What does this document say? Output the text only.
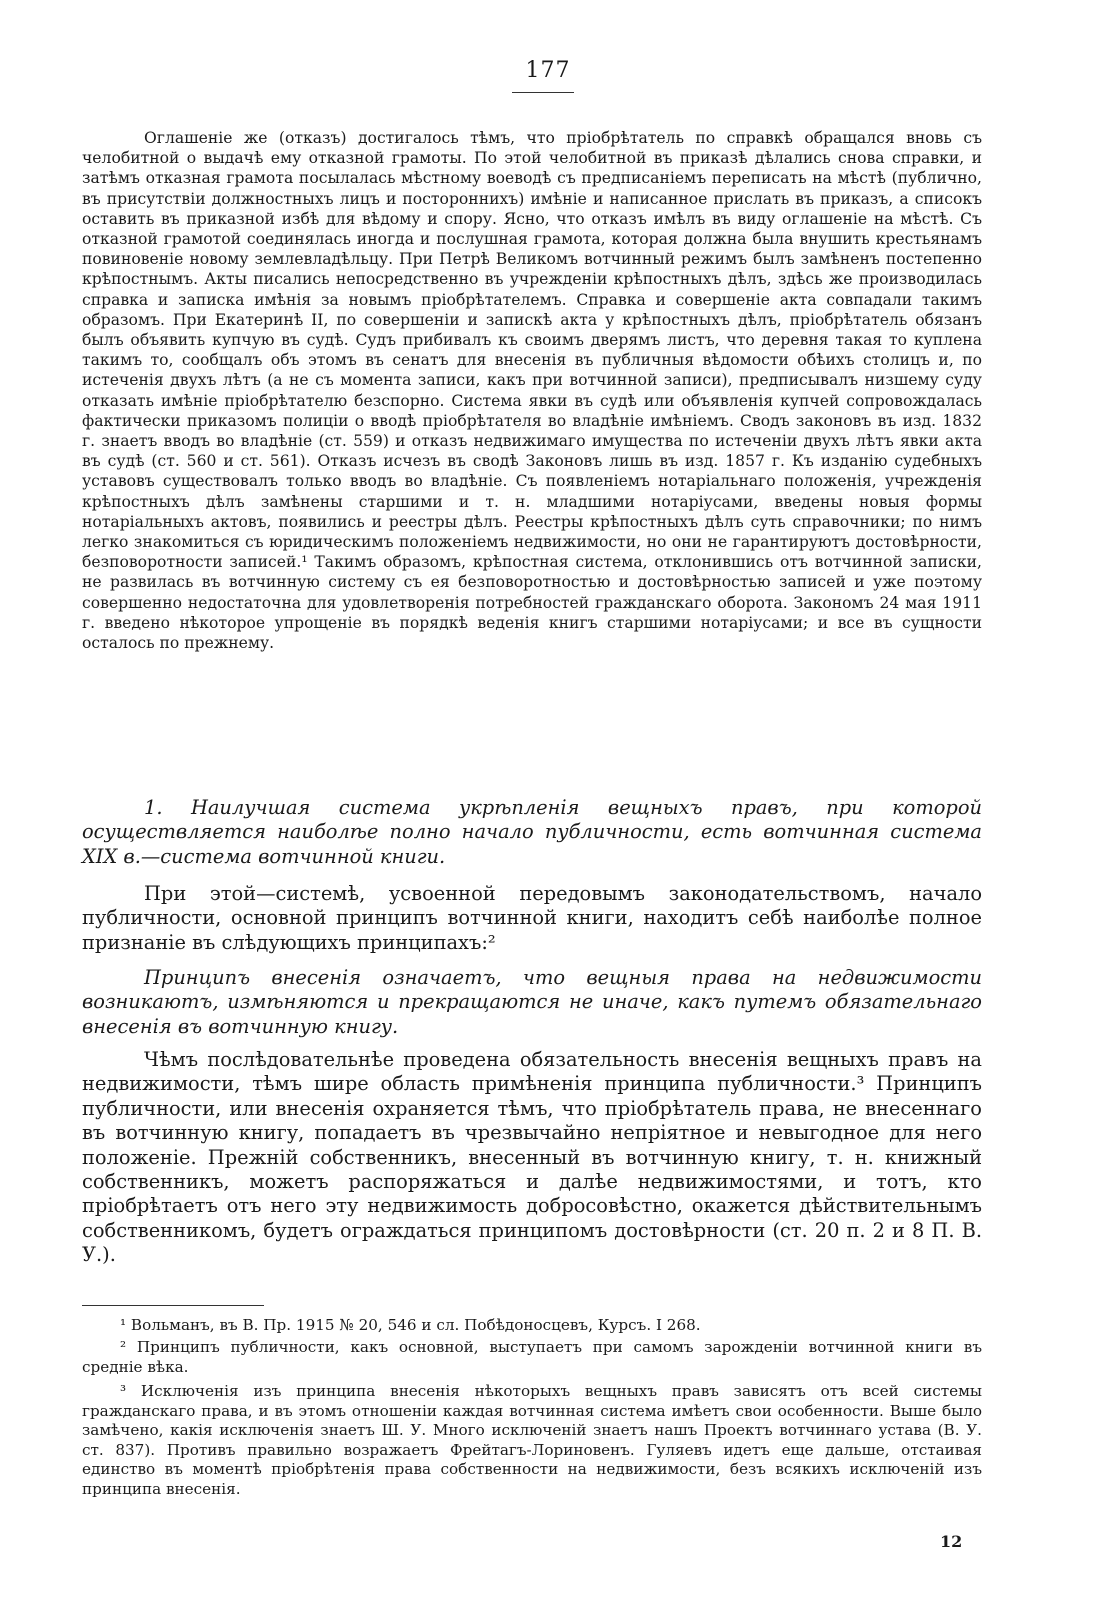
177

Оглашеніе же (отказъ) достигалось тѣмъ, что пріобрѣтатель по справкѣ обращался вновь съ челобитной о выдачѣ ему отказной грамоты. По этой челобитной въ приказѣ дѣлались снова справки, и затѣмъ отказная грамота посылалась мѣстному воеводѣ съ предписаніемъ переписать на мѣстѣ (публично, въ присутствіи должностныхъ лицъ и постороннихъ) имѣніе и написанное прислать въ приказъ, а списокъ оставить въ приказной избѣ для вѣдому и спору. Ясно, что отказъ имѣлъ въ виду оглашеніе на мѣстѣ. Съ отказной грамотой соединялась иногда и послушная грамота, которая должна была внушить крестьянамъ повиновеніе новому землевладѣльцу. При Петрѣ Великомъ вотчинный режимъ былъ замѣненъ постепенно крѣпостнымъ. Акты писались непосредственно въ учрежденіи крѣпостныхъ дѣлъ, здѣсь же производилась справка и записка имѣнія за новымъ пріобрѣтателемъ. Справка и совершеніе акта совпадали такимъ образомъ. При Екатеринѣ II, по совершеніи и запискѣ акта у крѣпостныхъ дѣлъ, пріобрѣтатель обязанъ былъ объявить купчую въ судѣ. Судъ прибивалъ къ своимъ дверямъ листъ, что деревня такая то куплена такимъ то, сообщалъ объ этомъ въ сенатъ для внесенія въ публичныя вѣдомости обѣихъ столицъ и, по истеченія двухъ лѣтъ (а не съ момента записи, какъ при вотчинной записи), предписывалъ низшему суду отказать имѣніе пріобрѣтателю безспорно. Система явки въ судѣ или объявленія купчей сопровождалась фактически приказомъ полиціи о вводѣ пріобрѣтателя во владѣніе имѣніемъ. Сводъ законовъ въ изд. 1832 г. знаетъ вводъ во владѣніе (ст. 559) и отказъ недвижимаго имущества по истеченіи двухъ лѣтъ явки акта въ судѣ (ст. 560 и ст. 561). Отказъ исчезъ въ сводѣ Законовъ лишь въ изд. 1857 г. Къ изданію судебныхъ уставовъ существовалъ только вводъ во владѣніе. Съ появленіемъ нотаріальнаго положенія, учрежденія крѣпостныхъ дѣлъ замѣнены старшими и т. н. младшими нотаріусами, введены новыя формы нотаріальныхъ актовъ, появились и реестры дѣлъ. Реестры крѣпостныхъ дѣлъ суть справочники; по нимъ легко знакомиться съ юридическимъ положеніемъ недвижимости, но они не гарантируютъ достовѣрности, безповоротности записей.¹ Такимъ образомъ, крѣпостная система, отклонившись отъ вотчинной записки, не развилась въ вотчинную систему съ ея безповоротностью и достовѣрностью записей и уже поэтому совершенно недостаточна для удовлетворенія потребностей гражданскаго оборота. Закономъ 24 мая 1911 г. введено нѣкоторое упрощеніе въ порядкѣ веденія книгъ старшими нотаріусами; и все въ сущности осталось по прежнему.

1. Наилучшая система укрѣпленія вещныхъ правъ, при которой осуществляется наиболѣе полно начало публичности, есть вотчинная система XIX в.—система вотчинной книги.

При этой—системѣ, усвоенной передовымъ законодательствомъ, начало публичности, основной принципъ вотчинной книги, находитъ себѣ наиболѣе полное признаніе въ слѣдующихъ принципахъ:²

Принципъ внесенія означаетъ, что вещныя права на недвижимости возникаютъ, измѣняются и прекращаются не иначе, какъ путемъ обязательнаго внесенія въ вотчинную книгу.

Чѣмъ послѣдовательнѣе проведена обязательность внесенія вещныхъ правъ на недвижимости, тѣмъ шире область примѣненія принципа публичности.³ Принципъ публичности, или внесенія охраняется тѣмъ, что пріобрѣтатель права, не внесеннаго въ вотчинную книгу, попадаетъ въ чрезвычайно непріятное и невыгодное для него положеніе. Прежній собственникъ, внесенный въ вотчинную книгу, т. н. книжный собственникъ, можетъ распоряжаться и далѣе недвижимостями, и тотъ, кто пріобрѣтаетъ отъ него эту недвижимость добросовѣстно, окажется дѣйствительнымъ собственникомъ, будетъ ограждаться принципомъ достовѣрности (ст. 20 п. 2 и 8 П. В. У.).

¹ Вольманъ, въ В. Пр. 1915 № 20, 546 и сл. Побѣдоносцевъ, Курсъ. I 268.

² Принципъ публичности, какъ основной, выступаетъ при самомъ зарожденіи вотчинной книги въ средніе вѣка.

³ Исключенія изъ принципа внесенія нѣкоторыхъ вещныхъ правъ зависятъ отъ всей системы гражданскаго права, и въ этомъ отношеніи каждая вотчинная система имѣетъ свои особенности. Выше было замѣчено, какія исключенія знаетъ Ш. У. Много исключеній знаетъ нашъ Проектъ вотчиннаго устава (В. У. ст. 837). Противъ правильно возражаетъ Фрейтагъ-Лориновенъ. Гуляевъ идетъ еще дальше, отстаивая единство въ моментѣ пріобрѣтенія права собственности на недвижимости, безъ всякихъ исключеній изъ принципа внесенія.

12
